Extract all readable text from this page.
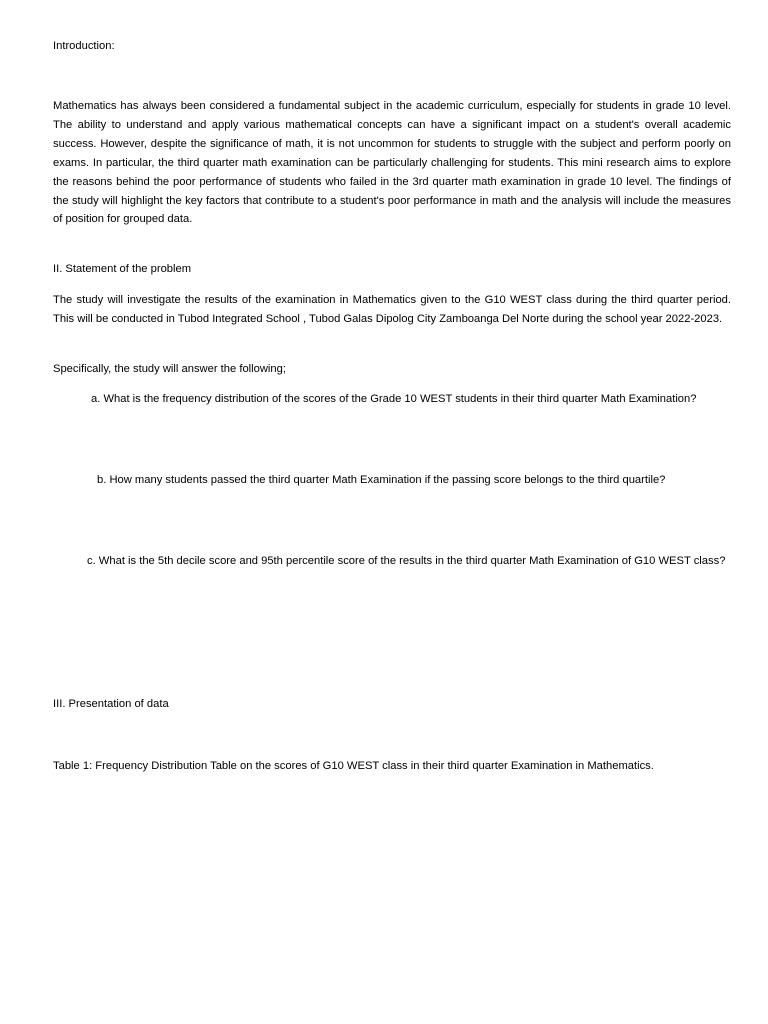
Introduction:

Mathematics has always been considered a fundamental subject in the academic curriculum, especially for students in grade 10 level. The ability to understand and apply various mathematical concepts can have a significant impact on a student's overall academic success. However, despite the significance of math, it is not uncommon for students to struggle with the subject and perform poorly on exams. In particular, the third quarter math examination can be particularly challenging for students. This mini research aims to explore the reasons behind the poor performance of students who failed in the 3rd quarter math examination in grade 10 level. The findings of the study will highlight the key factors that contribute to a student's poor performance in math and the analysis will include the measures of position for grouped data.

II. Statement of the problem

The study will investigate the results of the examination in Mathematics given to the G10 WEST class during the third quarter period. This will be conducted in Tubod Integrated School , Tubod Galas Dipolog City Zamboanga Del Norte during the school year 2022-2023.

Specifically, the study will answer the following;

a. What is the frequency distribution of the scores of the Grade 10 WEST students in their third quarter Math Examination?

b. How many students passed the third quarter Math Examination if the passing score belongs to the third quartile?

c. What is the 5th decile score and 95th percentile score of the results in the third quarter Math Examination of G10 WEST class?

III. Presentation of data

Table 1: Frequency Distribution Table on the scores of G10 WEST class in their third quarter Examination in Mathematics.
